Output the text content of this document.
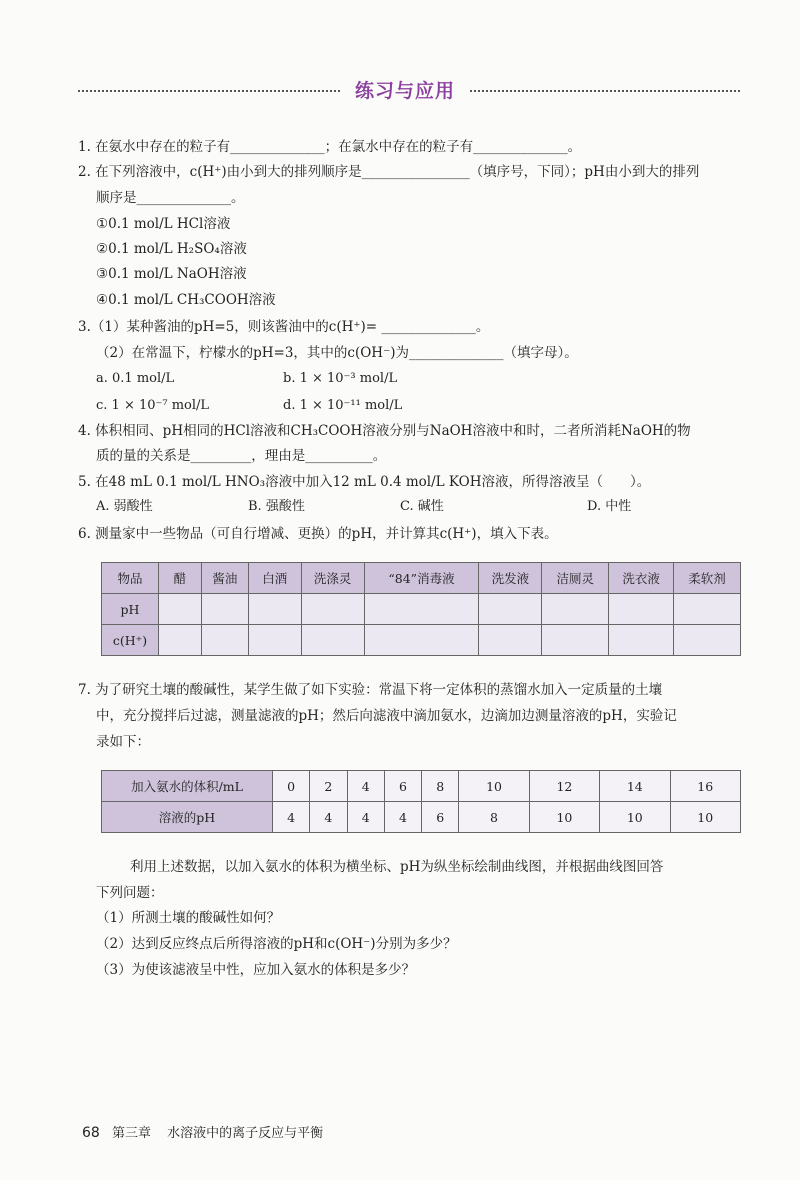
练习与应用
1. 在氨水中存在的粒子有______________；在氯水中存在的粒子有______________。
2. 在下列溶液中，c(H⁺)由小到大的排列顺序是________________（填序号，下同）；pH由小到大的排列
顺序是______________。
①0.1 mol/L HCl溶液
②0.1 mol/L H₂SO₄溶液
③0.1 mol/L NaOH溶液
④0.1 mol/L CH₃COOH溶液
3.（1）某种酱油的pH=5，则该酱油中的c(H⁺)= ______________。
（2）在常温下，柠檬水的pH=3，其中的c(OH⁻)为______________（填字母）。
a. 0.1 mol/L	b. 1 × 10⁻³ mol/L
c. 1 × 10⁻⁷ mol/L	d. 1 × 10⁻¹¹ mol/L
4. 体积相同、pH相同的HCl溶液和CH₃COOH溶液分别与NaOH溶液中和时，二者所消耗NaOH的物
质的量的关系是_________，理由是__________。
5. 在48 mL 0.1 mol/L HNO₃溶液中加入12 mL 0.4 mol/L KOH溶液，所得溶液呈（　　）。
A. 弱酸性	B. 强酸性	C. 碱性	D. 中性
6. 测量家中一些物品（可自行增减、更换）的pH，并计算其c(H⁺)，填入下表。
物品	醋	酱油	白酒	洗涤灵	“84”消毒液	洗发液	洁厕灵	洗衣液	柔软剂
pH									
c(H⁺)									
7. 为了研究土壤的酸碱性，某学生做了如下实验：常温下将一定体积的蒸馏水加入一定质量的土壤
中，充分搅拌后过滤，测量滤液的pH；然后向滤液中滴加氨水，边滴加边测量溶液的pH，实验记
录如下：
加入氨水的体积/mL	0	2	4	6	8	10	12	14	16
溶液的pH	4	4	4	4	6	8	10	10	10
利用上述数据，以加入氨水的体积为横坐标、pH为纵坐标绘制曲线图，并根据曲线图回答
下列问题：
（1）所测土壤的酸碱性如何？
（2）达到反应终点后所得溶液的pH和c(OH⁻)分别为多少？
（3）为使该滤液呈中性，应加入氨水的体积是多少？
68 第三章 水溶液中的离子反应与平衡
